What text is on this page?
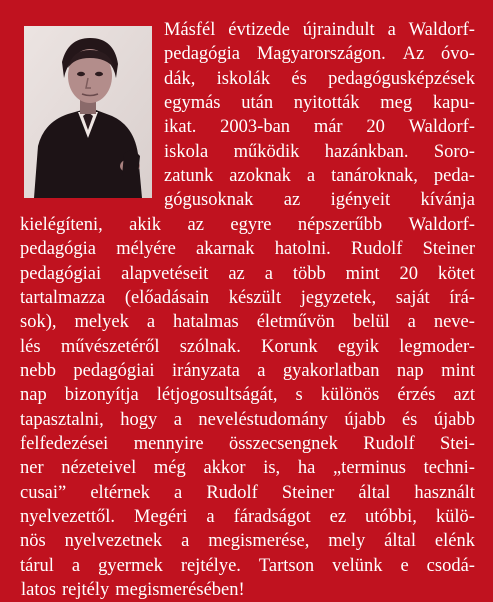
Másfél évtizede újraindult a Waldorf-
pedagógia Magyarországon. Az óvo-
dák, iskolák és pedagógusképzések
egymás után nyitották meg kapu-
ikat. 2003-ban már 20 Waldorf-
iskola működik hazánkban. Soro-
zatunk azoknak a tanároknak, peda-
gógusoknak az igényeit kívánja
kielégíteni, akik az egyre népszerűbb Waldorf-
pedagógia mélyére akarnak hatolni. Rudolf Steiner
pedagógiai alapvetéseit az a több mint 20 kötet
tartalmazza (előadásain készült jegyzetek, saját írá-
sok), melyek a hatalmas életművön belül a neve-
lés művészetéről szólnak. Korunk egyik legmoder-
nebb pedagógiai irányzata a gyakorlatban nap mint
nap bizonyítja létjogosultságát, s különös érzés azt
tapasztalni, hogy a neveléstudomány újabb és újabb
felfedezései mennyire összecsengnek Rudolf Stei-
ner nézeteivel még akkor is, ha „terminus techni-
cusai” eltérnek a Rudolf Steiner által használt
nyelvezettől. Megéri a fáradságot ez utóbbi, külö-
nös nyelvezetnek a megismerése, mely által elénk
tárul a gyermek rejtélye. Tartson velünk e csodá-
latos rejtély megismerésében!
